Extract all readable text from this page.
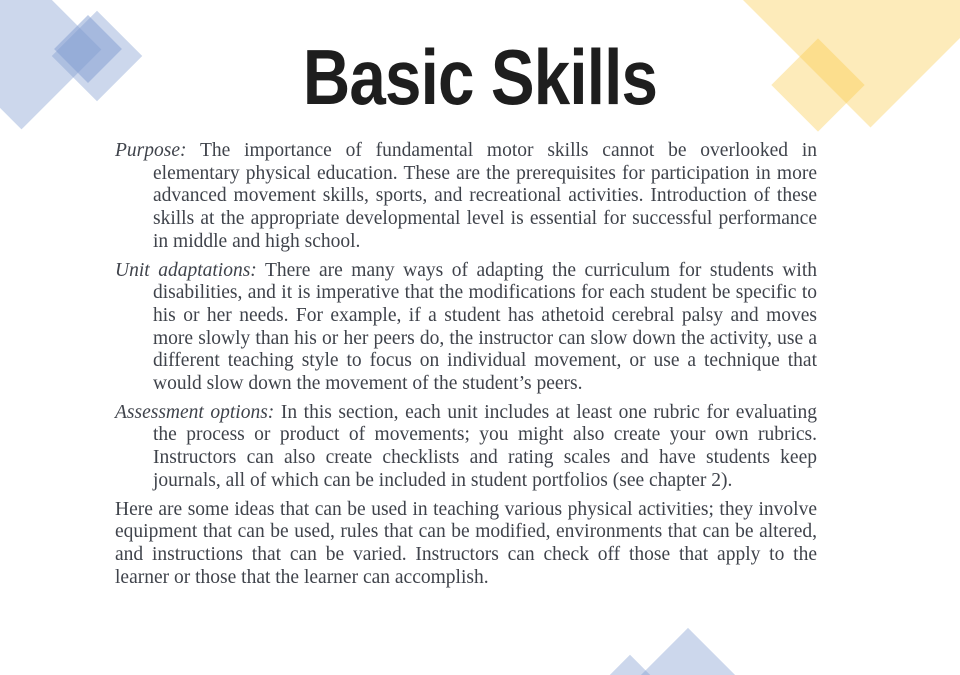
Basic Skills

Purpose: The importance of fundamental motor skills cannot be overlooked in elementary physical education. These are the prerequisites for participation in more advanced movement skills, sports, and recreational activities. Introduction of these skills at the appropriate developmental level is essential for successful performance in middle and high school.

Unit adaptations: There are many ways of adapting the curriculum for students with disabilities, and it is imperative that the modifications for each student be specific to his or her needs. For example, if a student has athetoid cerebral palsy and moves more slowly than his or her peers do, the instructor can slow down the activity, use a different teaching style to focus on individual movement, or use a technique that would slow down the movement of the student’s peers.

Assessment options: In this section, each unit includes at least one rubric for evaluating the process or product of movements; you might also create your own rubrics. Instructors can also create checklists and rating scales and have students keep journals, all of which can be included in student portfolios (see chapter 2).

Here are some ideas that can be used in teaching various physical activities; they involve equipment that can be used, rules that can be modified, environments that can be altered, and instructions that can be varied. Instructors can check off those that apply to the learner or those that the learner can accomplish.
